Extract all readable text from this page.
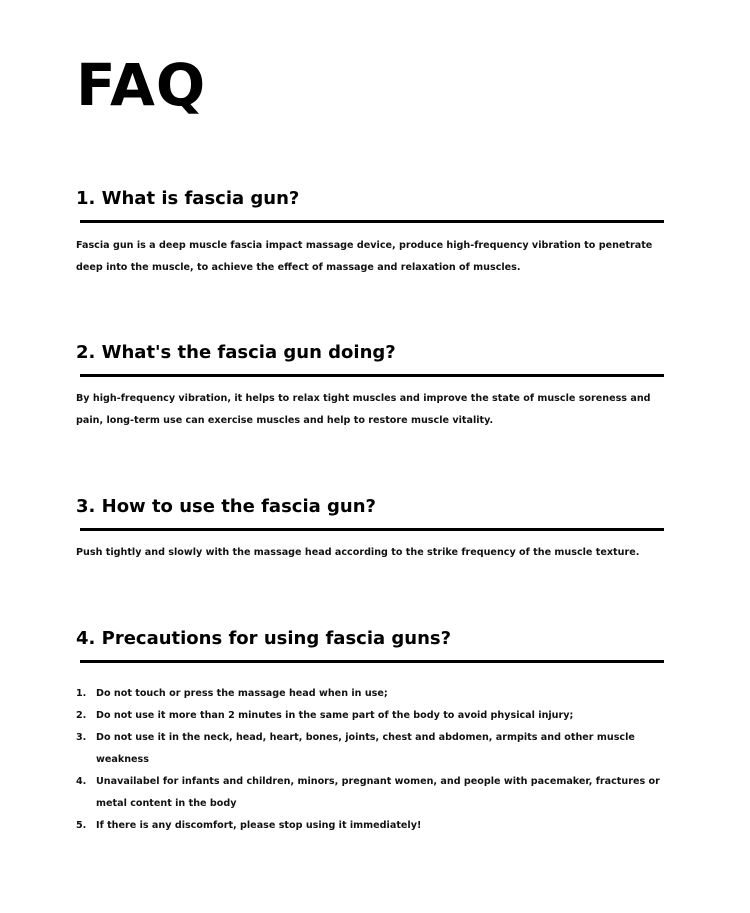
FAQ
1. What is fascia gun?

Fascia gun is a deep muscle fascia impact massage device, produce high-frequency vibration to penetrate deep into the muscle, to achieve the effect of massage and relaxation of muscles.

2. What's the fascia gun doing?

By high-frequency vibration, it helps to relax tight muscles and improve the state of muscle soreness and pain, long-term use can exercise muscles and help to restore muscle vitality.

3. How to use the fascia gun?

Push tightly and slowly with the massage head according to the strike frequency of the muscle texture.

4. Precautions for using fascia guns?
1.	Do not touch or press the massage head when in use;
2.	Do not use it more than 2 minutes in the same part of the body to avoid physical injury;
3.	Do not use it in the neck, head, heart, bones, joints, chest and abdomen, armpits and other muscle weakness
4.	Unavailabel for infants and children, minors, pregnant women, and people with pacemaker, fractures or metal content in the body
5.	If there is any discomfort, please stop using it immediately!
